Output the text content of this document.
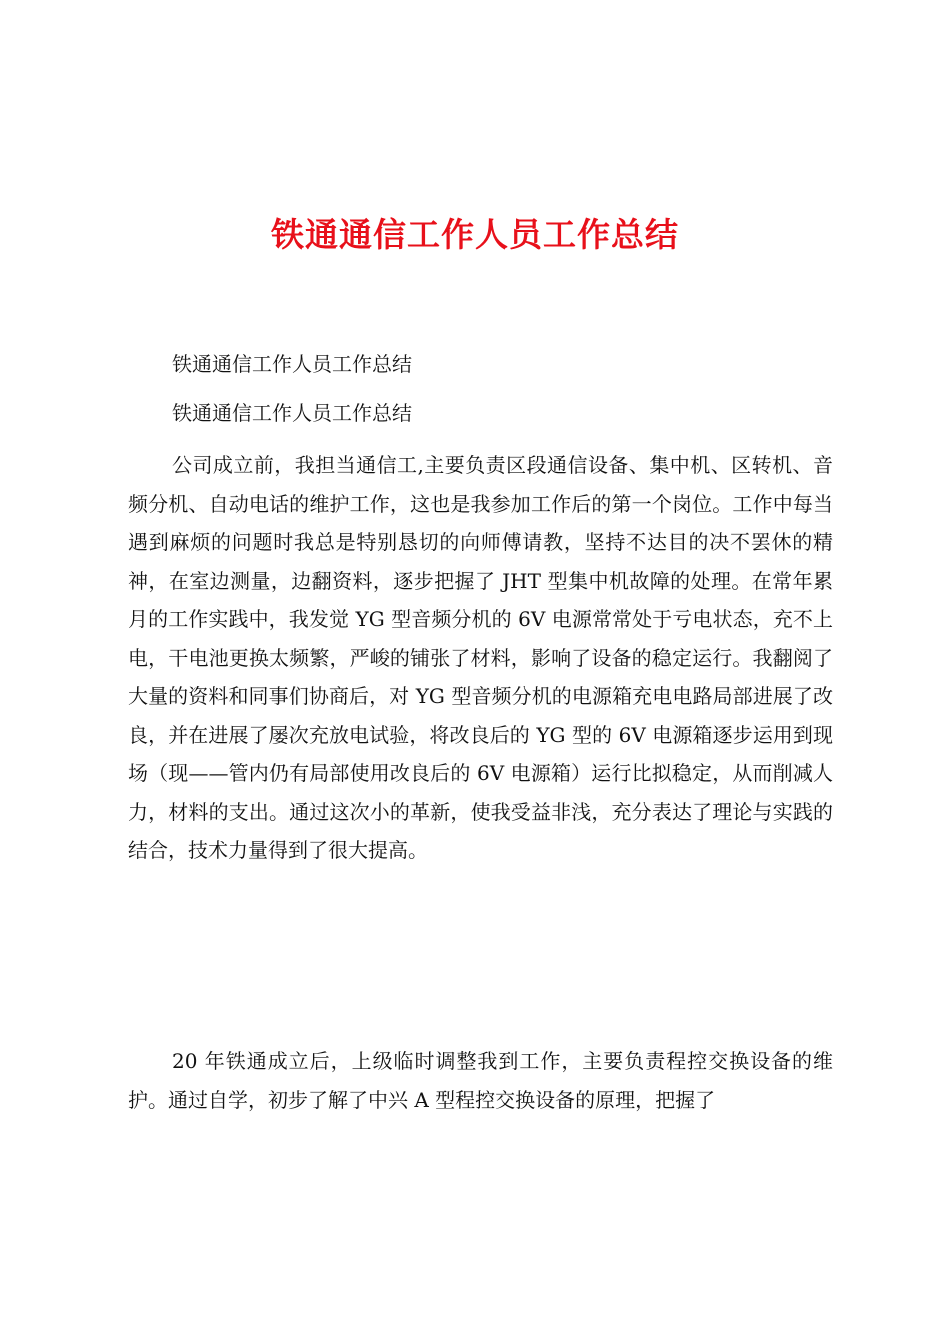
铁通通信工作人员工作总结

铁通通信工作人员工作总结

铁通通信工作人员工作总结

公司成立前，我担当通信工,主要负责区段通信设备、集中机、区转机、音频分机、自动电话的维护工作，这也是我参加工作后的第一个岗位。工作中每当遇到麻烦的问题时我总是特别恳切的向师傅请教，坚持不达目的决不罢休的精神，在室边测量，边翻资料，逐步把握了 JHT 型集中机故障的处理。在常年累月的工作实践中，我发觉 YG 型音频分机的 6V 电源常常处于亏电状态，充不上电，干电池更换太频繁，严峻的铺张了材料，影响了设备的稳定运行。我翻阅了大量的资料和同事们协商后，对 YG 型音频分机的电源箱充电电路局部进展了改良，并在进展了屡次充放电试验，将改良后的 YG 型的 6V 电源箱逐步运用到现场（现——管内仍有局部使用改良后的 6V 电源箱）运行比拟稳定，从而削减人力，材料的支出。通过这次小的革新，使我受益非浅，充分表达了理论与实践的结合，技术力量得到了很大提高。

20 年铁通成立后，上级临时调整我到工作，主要负责程控交换设备的维护。通过自学，初步了解了中兴 A 型程控交换设备的原理，把握了
